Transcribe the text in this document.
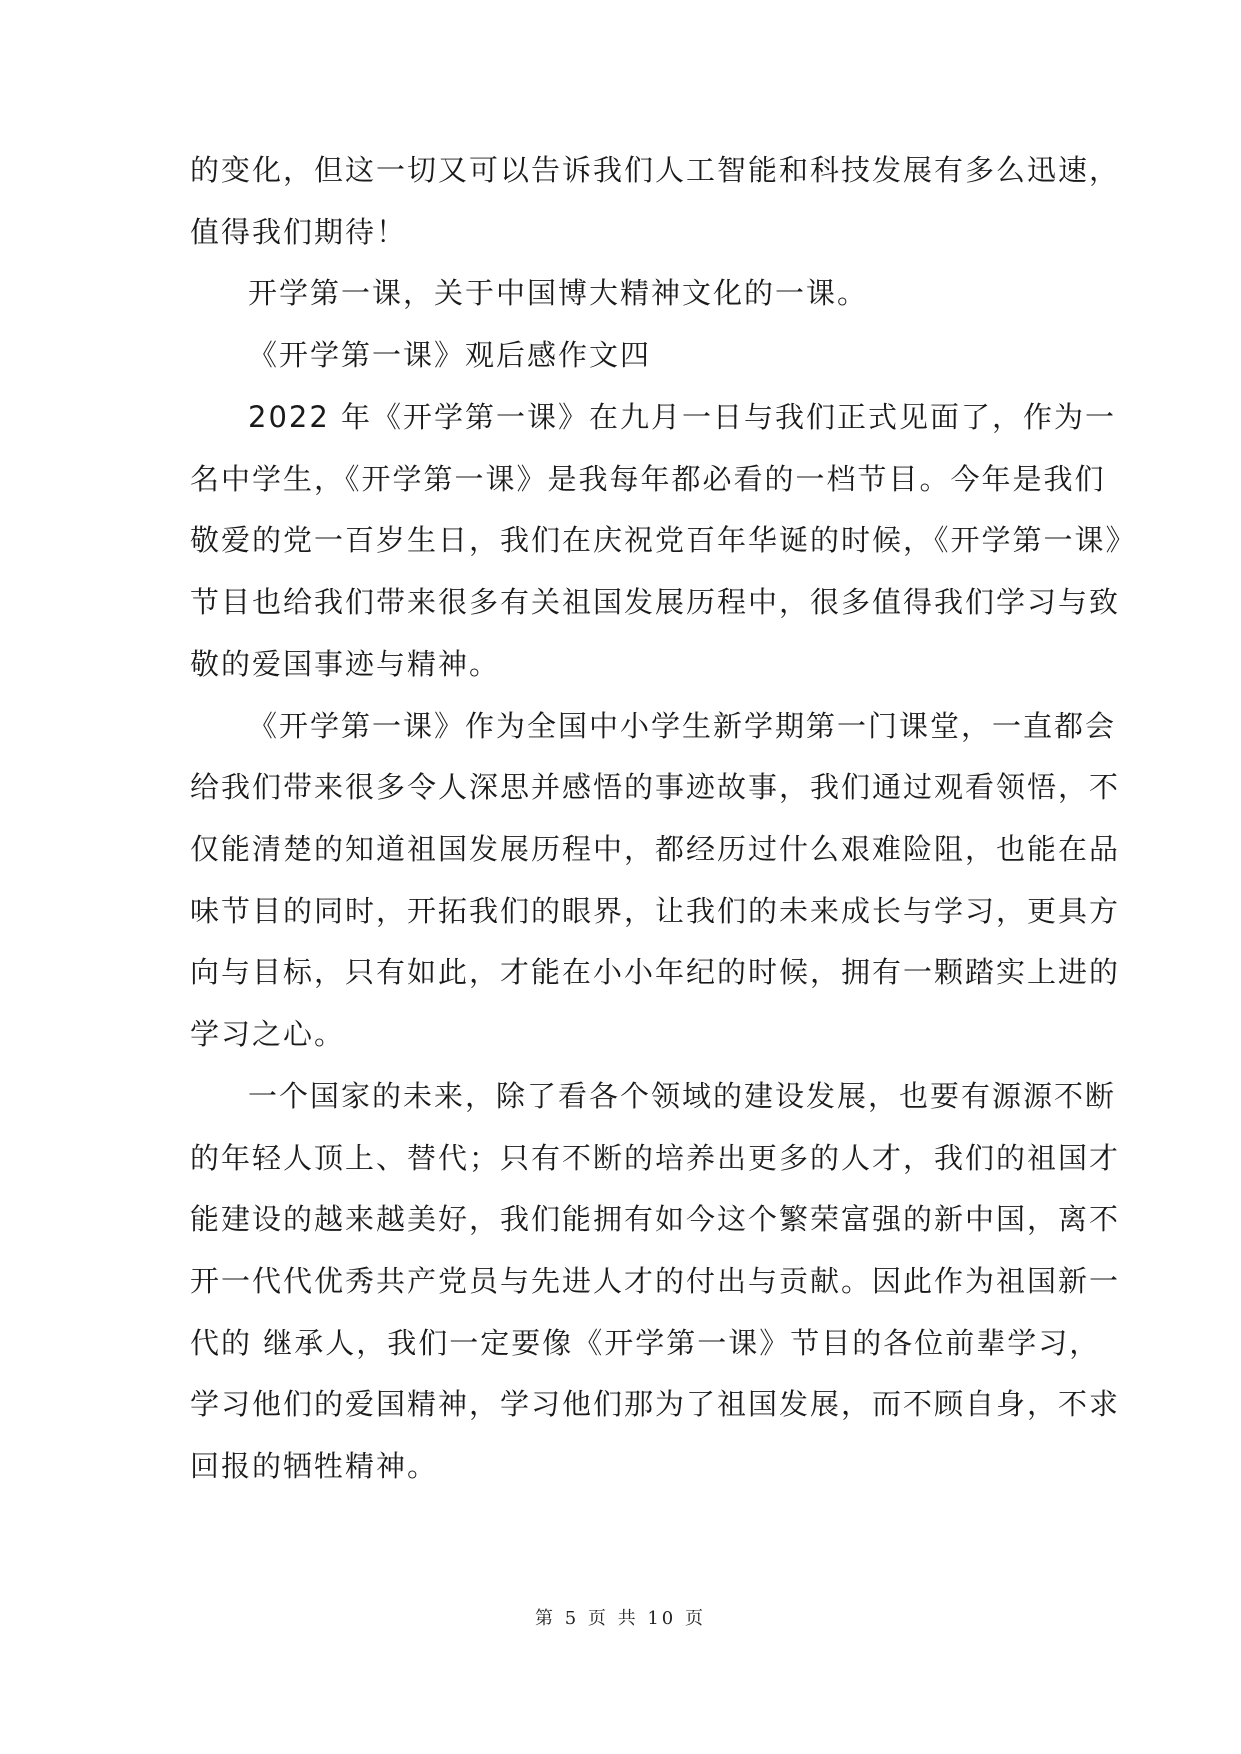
的变化，但这一切又可以告诉我们人工智能和科技发展有多么迅速，
值得我们期待！
开学第一课，关于中国博大精神文化的一课。
《开学第一课》观后感作文四
2022 年《开学第一课》在九月一日与我们正式见面了，作为一
名中学生，《开学第一课》是我每年都必看的一档节目。今年是我们
敬爱的党一百岁生日，我们在庆祝党百年华诞的时候，《开学第一课》
节目也给我们带来很多有关祖国发展历程中，很多值得我们学习与致
敬的爱国事迹与精神。
《开学第一课》作为全国中小学生新学期第一门课堂，一直都会
给我们带来很多令人深思并感悟的事迹故事，我们通过观看领悟，不
仅能清楚的知道祖国发展历程中，都经历过什么艰难险阻，也能在品
味节目的同时，开拓我们的眼界，让我们的未来成长与学习，更具方
向与目标，只有如此，才能在小小年纪的时候，拥有一颗踏实上进的
学习之心。
一个国家的未来，除了看各个领域的建设发展，也要有源源不断
的年轻人顶上、替代；只有不断的培养出更多的人才，我们的祖国才
能建设的越来越美好，我们能拥有如今这个繁荣富强的新中国，离不
开一代代优秀共产党员与先进人才的付出与贡献。因此作为祖国新一
代的 继承人，我们一定要像《开学第一课》节目的各位前辈学习，
学习他们的爱国精神，学习他们那为了祖国发展，而不顾自身，不求
回报的牺牲精神。
第 5 页 共 10 页
